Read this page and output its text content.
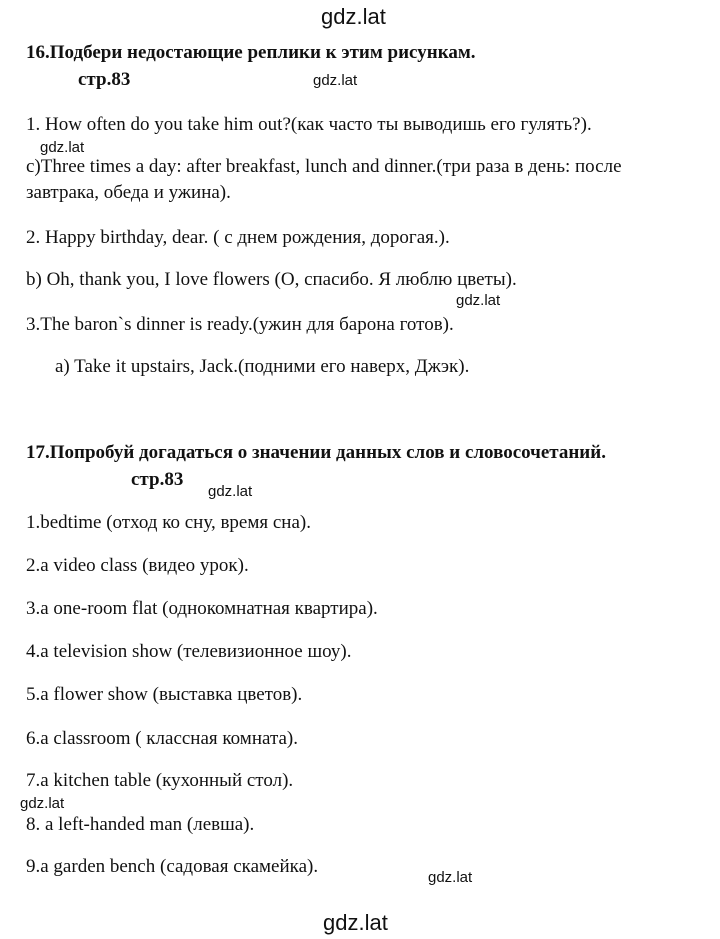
gdz.lat
gdz.lat
gdz.lat
gdz.lat
gdz.lat
gdz.lat
gdz.lat
gdz.lat
16.Подбери недостающие реплики к этим рисункам.
стр.83
1. How often do you take him out?(как часто ты выводишь его гулять?).
c)Three times a day: after breakfast, lunch and dinner.(три раза в день: после
завтрака, обеда и ужина).
2. Happy birthday, dear. ( с днем рождения, дорогая.).
b) Oh, thank you, I love flowers (О, спасибо. Я люблю цветы).
3.The baron`s dinner is ready.(ужин для барона готов).
a) Take it upstairs, Jack.(подними его наверх, Джэк).
17.Попробуй догадаться о значении данных слов и словосочетаний.
стр.83
1.bedtime (отход ко сну, время сна).
2.a video class (видео урок).
3.a one-room flat (однокомнатная квартира).
4.a television show (телевизионное шоу).
5.a flower show (выставка цветов).
6.a classroom ( классная комната).
7.a kitchen table (кухонный стол).
8. a left-handed man (левша).
9.a garden bench (садовая скамейка).
